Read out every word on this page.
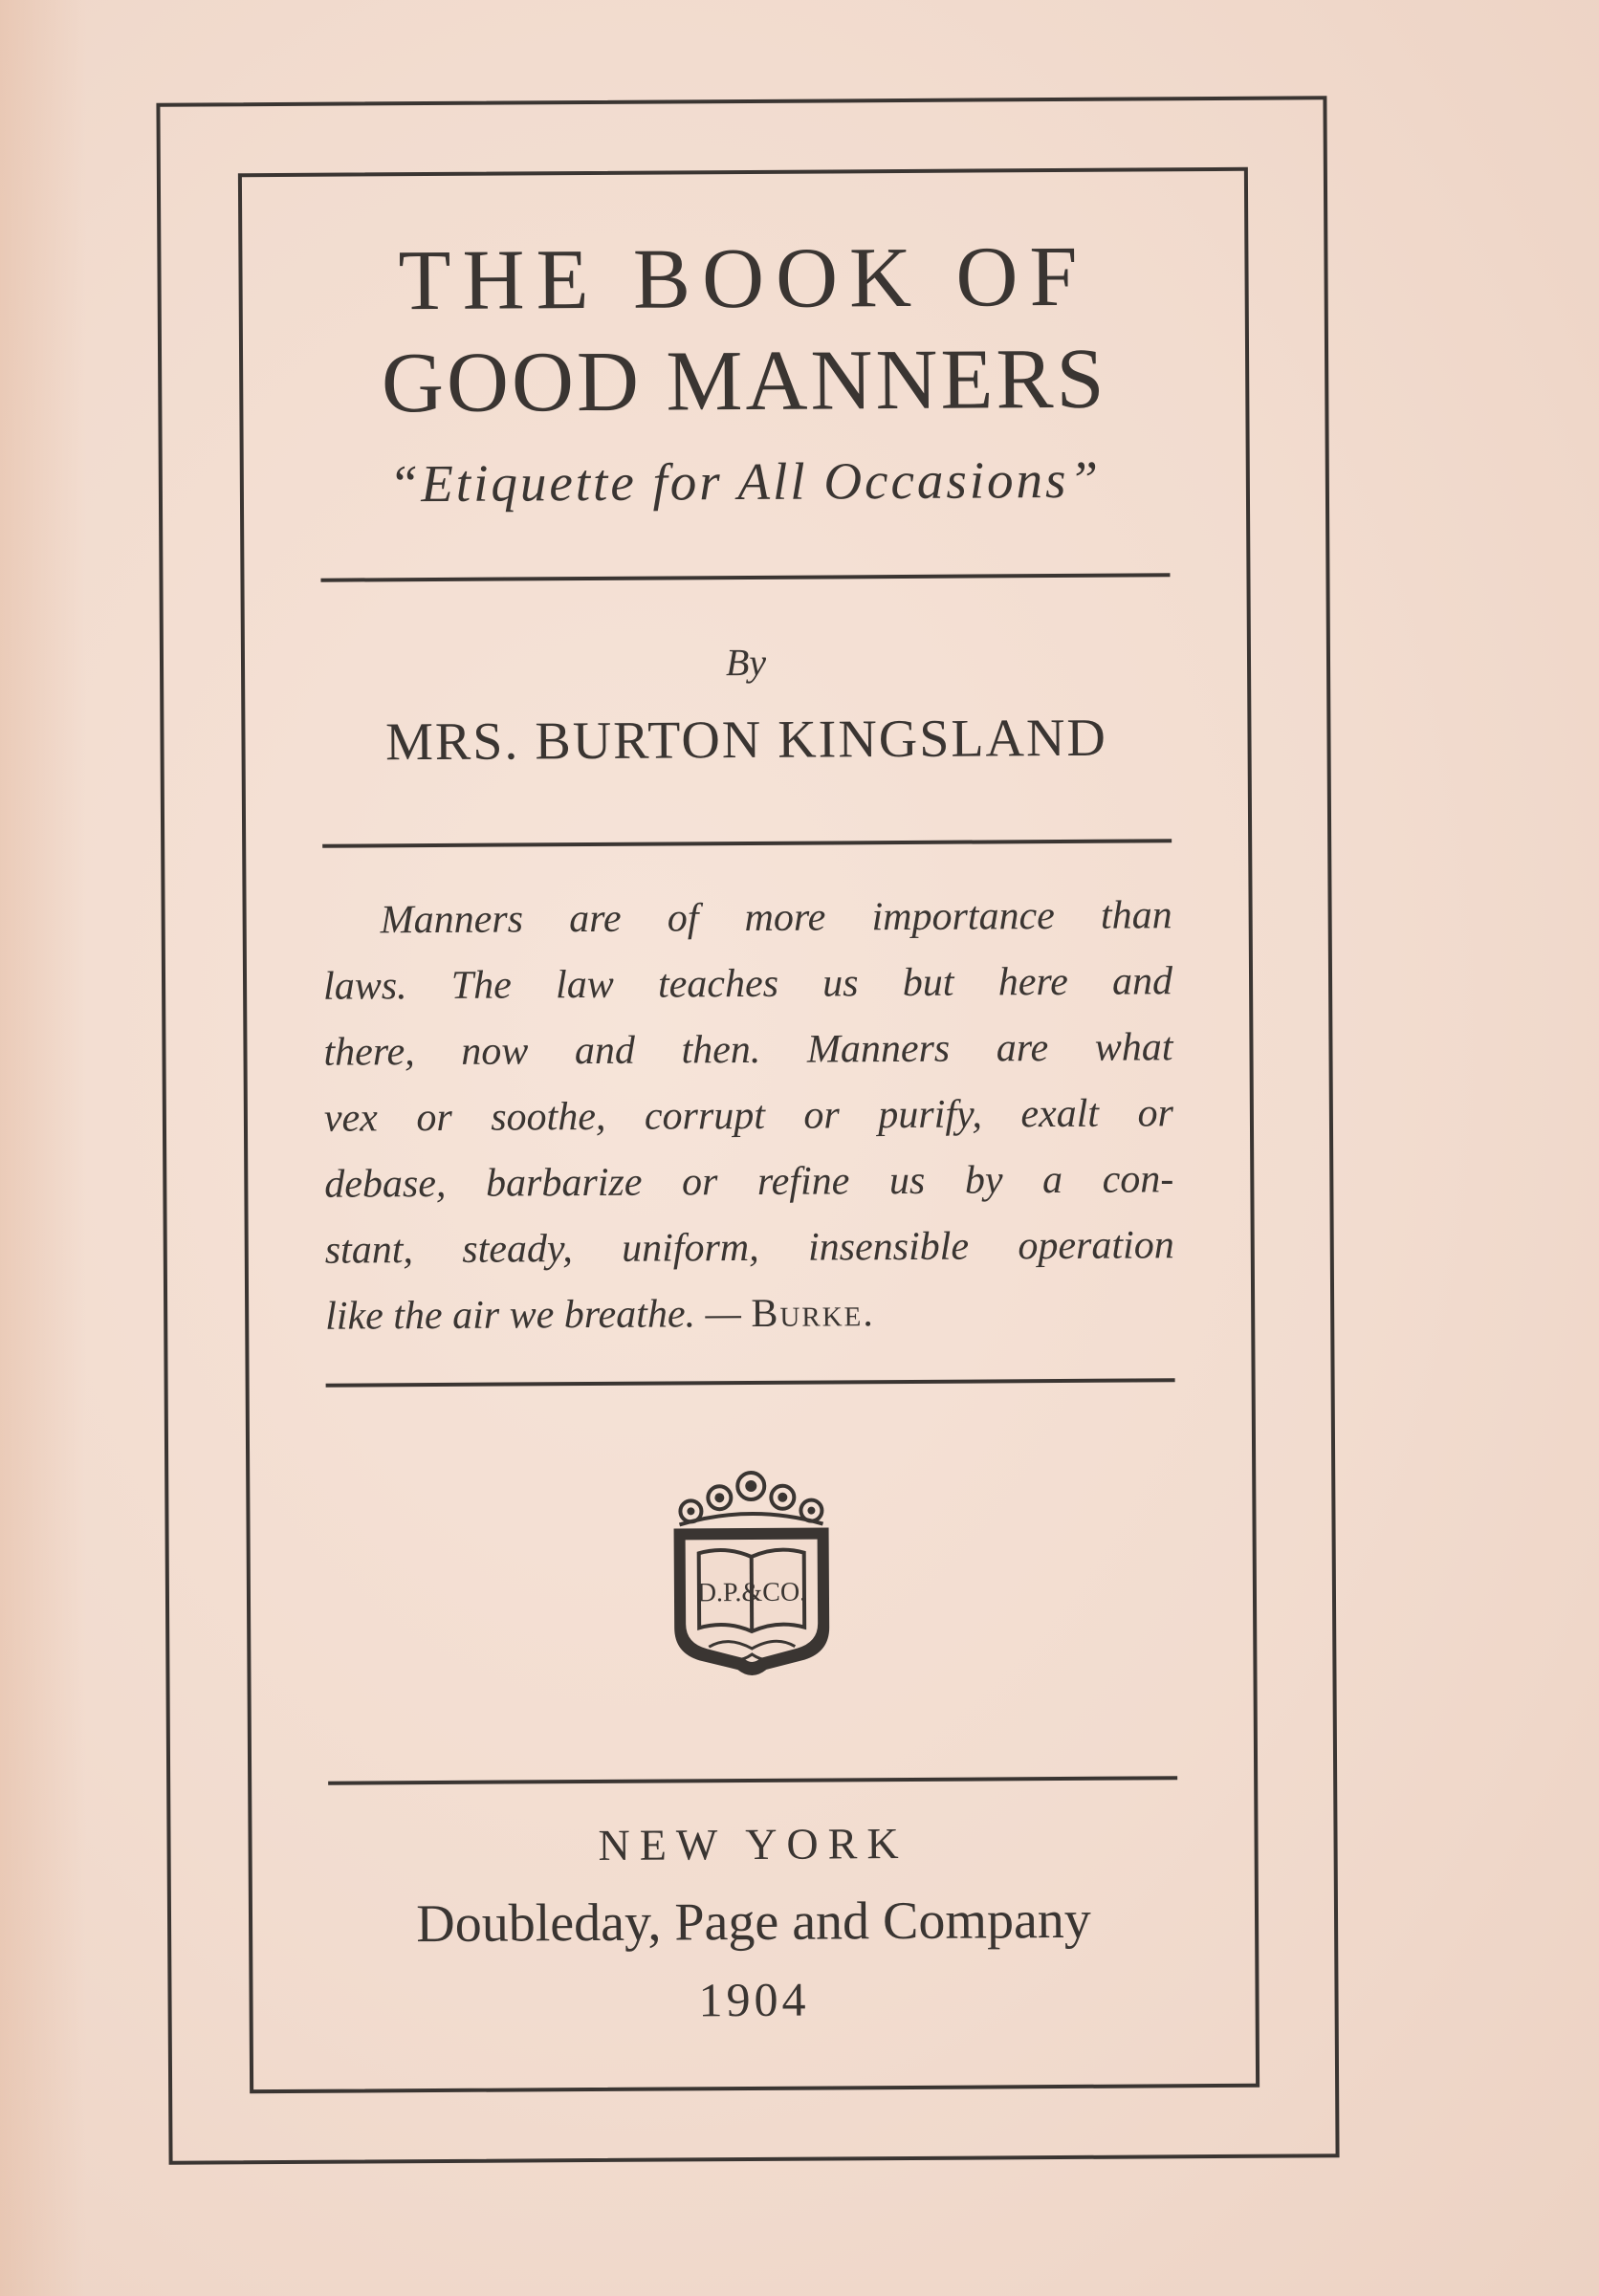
THE BOOK OF
GOOD MANNERS
“Etiquette for All Occasions”
By
MRS. BURTON KINGSLAND
Manners are of more importance than
laws. The law teaches us but here and
there, now and then. Manners are what
vex or soothe, corrupt or purify, exalt or
debase, barbarize or refine us by a con-
stant, steady, uniform, insensible operation
like the air we breathe. — Burke.
D.P.&CO.
NEW YORK
Doubleday, Page and Company
1904
